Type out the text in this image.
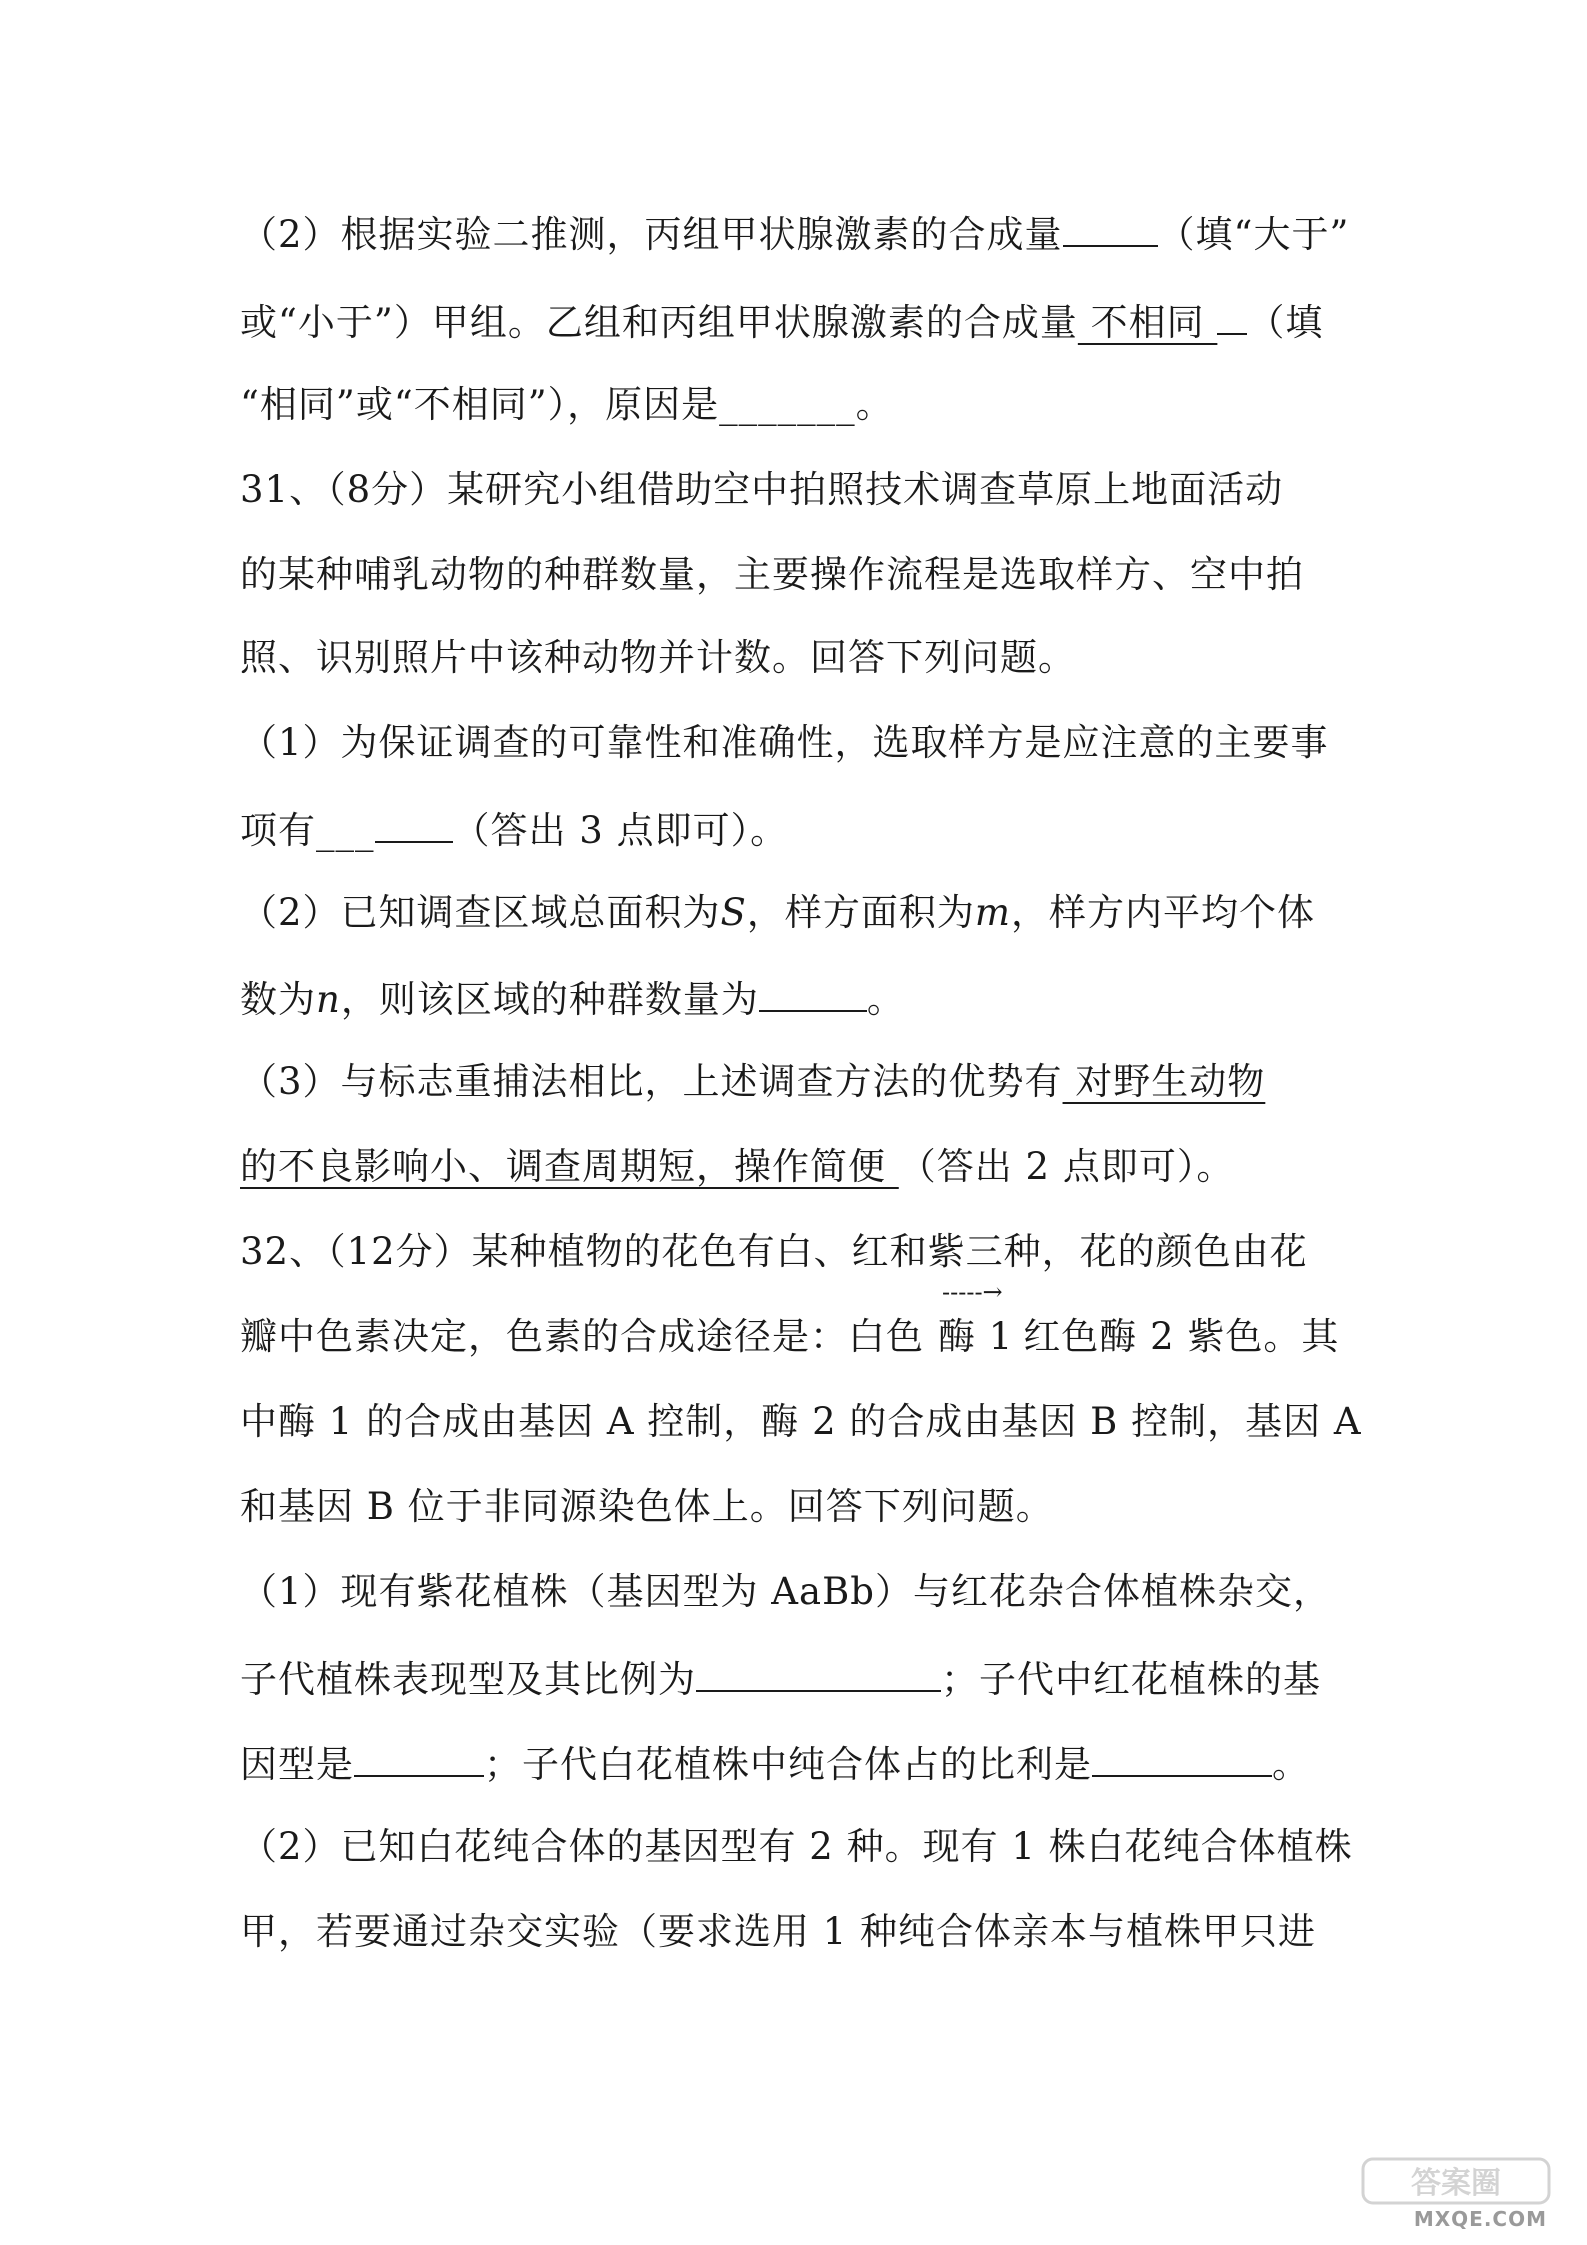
（2）根据实验二推测，丙组甲状腺激素的合成量	（填“大于”
或“小于”）甲组。乙组和丙组甲状腺激素的合成量 不相同 （填
“相同”或“不相同”），原因是_______。
31、（8分）某研究小组借助空中拍照技术调查草原上地面活动
的某种哺乳动物的种群数量，主要操作流程是选取样方、空中拍
照、识别照片中该种动物并计数。回答下列问题。
（1）为保证调查的可靠性和准确性，选取样方是应注意的主要事
项有___ （答出 3 点即可）。
（2）已知调查区域总面积为S，样方面积为m，样方内平均个体
数为n，则该区域的种群数量为	。
（3）与标志重捕法相比，上述调查方法的优势有 对野生动物
的不良影响小、调查周期短，操作简便 （答出 2 点即可）。
32、（12分）某种植物的花色有白、红和紫三种，花的颜色由花
瓣中色素决定，色素的合成途径是：白色 酶 1 红色酶 2 紫色。其
-----→
中酶 1 的合成由基因 A 控制，酶 2 的合成由基因 B 控制，基因 A
和基因 B 位于非同源染色体上。回答下列问题。
（1）现有紫花植株（基因型为 AaBb）与红花杂合体植株杂交，
子代植株表现型及其比例为	；子代中红花植株的基
因型是	；子代白花植株中纯合体占的比利是	。
（2）已知白花纯合体的基因型有 2 种。现有 1 株白花纯合体植株
甲，若要通过杂交实验（要求选用 1 种纯合体亲本与植株甲只进
答案圈
MXQE.COM
